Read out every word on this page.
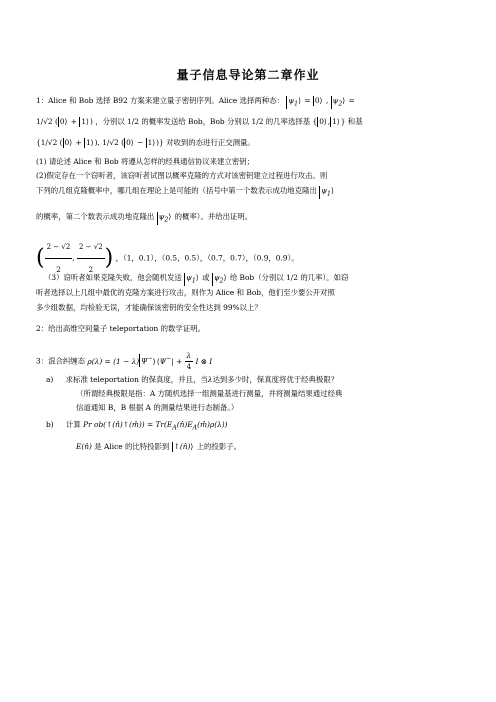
量子信息导论第二章作业
1：Alice 和 Bob 选择 B92 方案来建立量子密钥序列。Alice 选择两种态： $\psi_1$ ⟩ = 0 ⟩ , $\psi_2$ ⟩ =
1/√2 ( 0 ⟩ + 1 ⟩ ) ，分别以 1/2 的概率发送给 Bob，Bob 分别以 1/2 的几率选择基 { 0 ⟩ , 1 ⟩ } 和基
{1/√2 ( 0 ⟩ + 1 ⟩ ), 1/√2 ( 0 ⟩ − 1 ⟩ )} 对收到的态进行正交测量。
(1) 请论述 Alice 和 Bob 将遵从怎样的经典通信协议来建立密钥；
(2)假定存在一个窃听者，该窃听者试图以概率克隆的方式对该密钥建立过程进行攻击。则
下列的几组克隆概率中，哪几组在理论上是可能的（括号中第一个数表示成功地克隆出 $\psi_1$ ⟩
的概率，第二个数表示成功地克隆出 $\psi_2$ ⟩ 的概率）。并给出证明。
( $\frac{2 - √2}{2}$ , $\frac{2 - √2}{2}$ ) ，（1，0.1），（0.5，0.5），（0.7，0.7），（0.9，0.9）。
（3）窃听者如果克隆失败，他会随机发送 $\psi_1$ ⟩ 或 $\psi_2$ ⟩ 给 Bob（分别以 1/2 的几率）。如窃
听者选择以上几组中最优的克隆方案进行攻击，则作为 Alice 和 Bob，他们至少要公开对照
多少组数据，均检验无误，才能确保该密钥的安全性达到 99%以上？
2：给出高维空间量子 teleportation 的数学证明。
3：混合纠缠态 ρ(λ) = (1 − λ) Ψ− ⟩ ⟨Ψ−| + $\frac{\lambda}{4}$ I ⊗ I
a) 求标准 teleportation 的保真度，并且，当λ达到多少时，保真度将优于经典极限？
（所谓经典极限是指：A 方随机选择一组测量基进行测量，并将测量结果通过经典
信道通知 B，B 根据 A 的测量结果进行态制备。）
b) 计算 Pr ob(↑(n̂)↑(m̂)) = $Tr(E_A(n̂)E_A(m̂)\rho(\lambda))$
E(n̂) 是 Alice 的比特投影到 ↑(n̂) ⟩ 上的投影子。
